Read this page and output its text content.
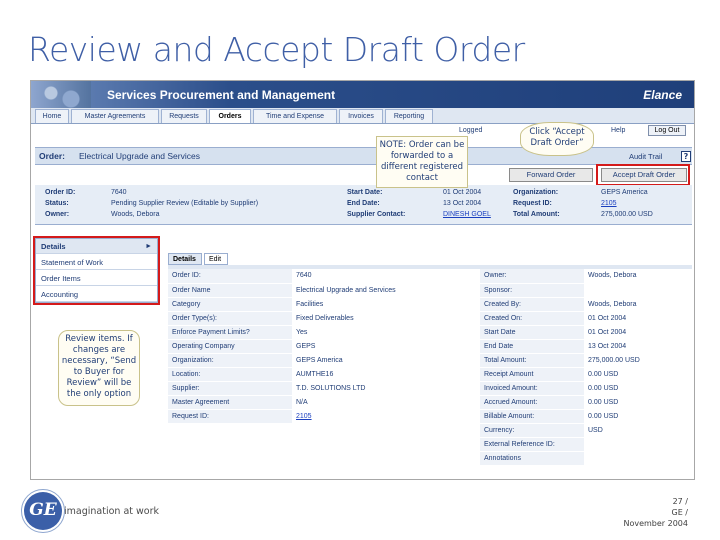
Review and Accept Draft Order
Services Procurement and Management	Elance
Home	Master Agreements	Requests	Orders	Time and Expense	Invoices	Reporting
Logged	Help	Log Out
Order: Electrical Upgrade and Services	Audit Trail	?
Forward Order	Accept Draft Order
Order ID:	7640
Status:	Pending Supplier Review (Editable by Supplier)
Owner:	Woods, Debora
Start Date:	01 Oct 2004
End Date:	13 Oct 2004
Supplier Contact:	DINESH GOEL
Organization:	GEPS America
Request ID:	2105
Total Amount:	275,000.00 USD
Details	►
Statement of Work
Order Items
Accounting
Details	Edit
Order ID:	7640	Owner:	Woods, Debora
Order Name	Electrical Upgrade and Services	Sponsor:	
Category	Facilities	Created By:	Woods, Debora
Order Type(s):	Fixed Deliverables	Created On:	01 Oct 2004
Enforce Payment Limits?	Yes	Start Date	01 Oct 2004
Operating Company	GEPS	End Date	13 Oct 2004
Organization:	GEPS America	Total Amount:	275,000.00 USD
Location:	AUMTHE16	Receipt Amount	0.00 USD
Supplier:	T.D. SOLUTIONS LTD	Invoiced Amount:	0.00 USD
Master Agreement	N/A	Accrued Amount:	0.00 USD
Request ID:	2105	Billable Amount:	0.00 USD
		Currency:	USD
		External Reference ID:	
		Annotations	
NOTE: Order can be forwarded to a different registered contact
Click “Accept Draft Order”
Review items. If changes are necessary, “Send to Buyer for Review” will be the only option
GE imagination at work
27 /
GE /
November 2004
